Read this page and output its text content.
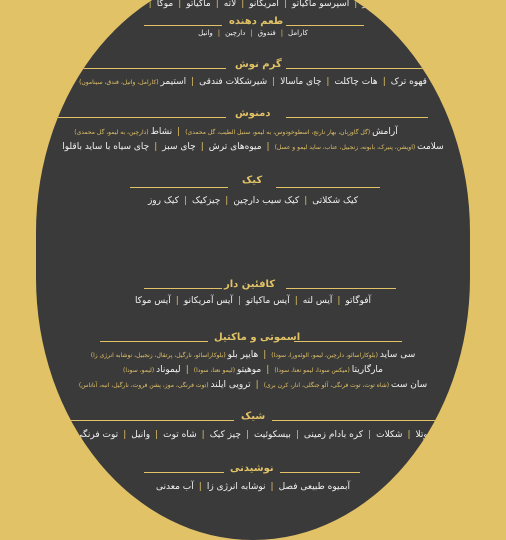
اسپرسو|اسپرسو ماکیاتو|آمریکانو|لاته|ماکیاتو|موکا|کاپوچینو
طعم دهنده
کارامل|فندوق|دارچین|وانیل
گرم نوش
قهوه ترک|هات چاکلت|چای ماسالا|شیرشکلات فندقی|استیمر (کارامل، وانیل، فندق، سینامون)
دمنوش
آرامش (گل گاوزبان، بهار نارنج، اسطوخودوس، به لیمو، سنبل الطیب، گل محمدی)|نشاط (دارچین، به لیمو، گل محمدی)
سلامت (اویشن، پنیرک، بابونه، زنجبیل، عناب، ساید لیمو و عسل)|میوه‌های ترش|چای سبز|چای سیاه با ساید باقلوا
کیک
کیک شکلاتی|کیک سیب دارچین|چیزکیک|کیک روز
کافئین دار
آفوگاتو|آیس لته|آیس ماکیاتو|آیس آمریکانو|آیس موکا
اسموتی و ماکتیل
سی ساید (بلوکاراسائو، دارچین، لیمو، الوئه‌ورا، سودا)|هایپر بلو (بلوکاراسائو، نارگیل، پرتقال، زنجبیل، نوشابه انرژی زا)
مارگاریتا (میکس سودا، لیمو نعنا، سودا)|موهیتو (لیمو نعنا، سودا)|لیموناد (لیمو، سودا)
سان ست (شاه توت، توت فرنگی، آلو جنگلی، انار، کرن بری)|ترویی ایلند (توت فرنگی، موز، پشن فروت، نارگیل، انبه، آناناس)
شیک
نوتلا|شکلات|کره بادام زمینی|بیسکوئیت|چیز کیک|شاه توت|وانیل|توت فرنگی
نوشیدنی
آبمیوه طبیعی فصل|نوشابه انرژی زا|آب معدنی
